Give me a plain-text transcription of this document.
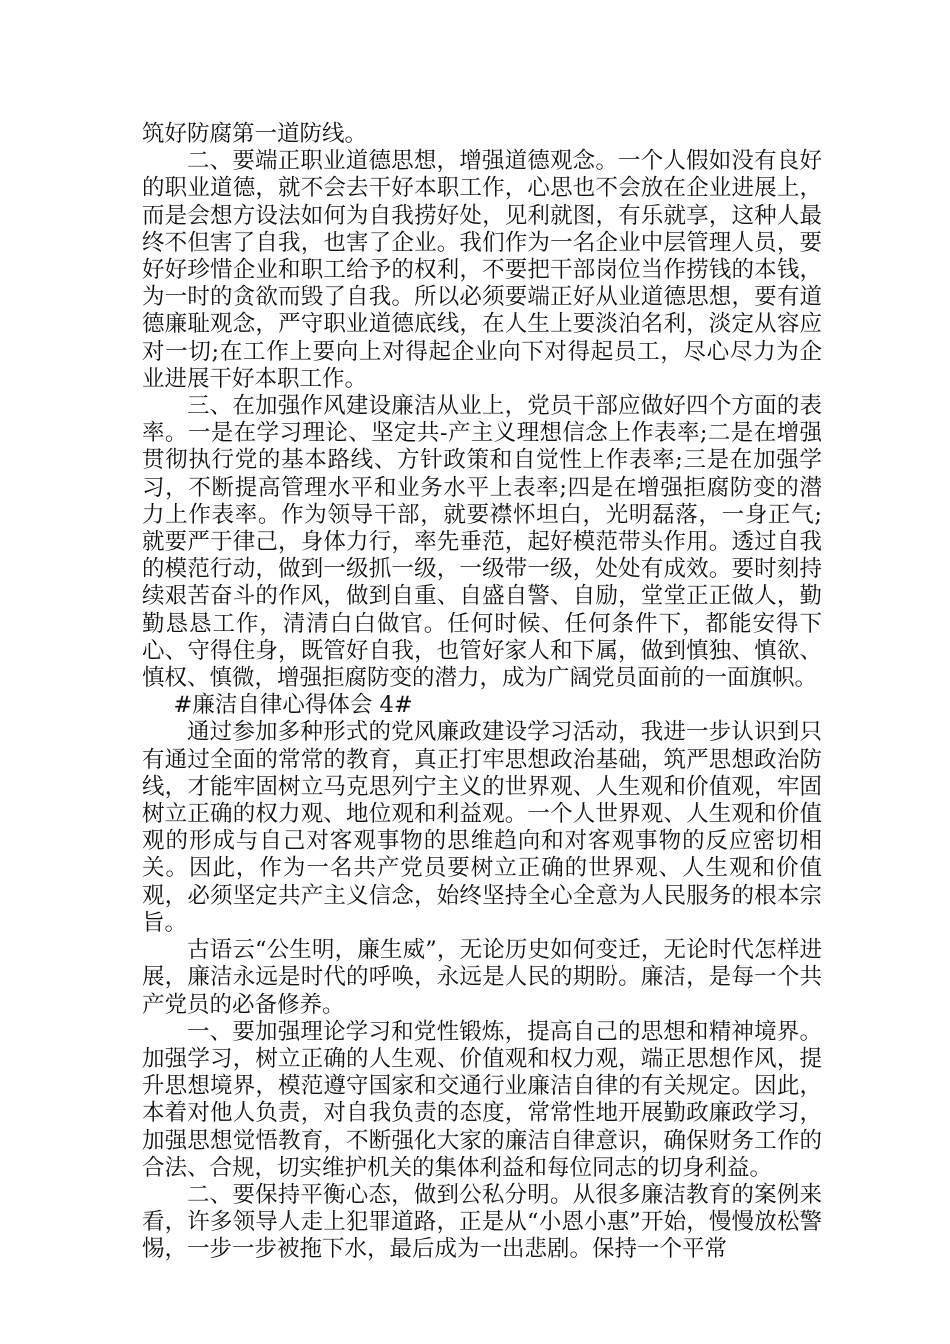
筑好防腐第一道防线。

二、要端正职业道德思想，增强道德观念。一个人假如没有良好的职业道德，就不会去干好本职工作，心思也不会放在企业进展上，而是会想方设法如何为自我捞好处，见利就图，有乐就享，这种人最终不但害了自我，也害了企业。我们作为一名企业中层管理人员，要好好珍惜企业和职工给予的权利，不要把干部岗位当作捞钱的本钱，为一时的贪欲而毁了自我。所以必须要端正好从业道德思想，要有道德廉耻观念，严守职业道德底线，在人生上要淡泊名利，淡定从容应对一切;在工作上要向上对得起企业向下对得起员工，尽心尽力为企业进展干好本职工作。

三、在加强作风建设廉洁从业上，党员干部应做好四个方面的表率。一是在学习理论、坚定共-产主义理想信念上作表率;二是在增强贯彻执行党的基本路线、方针政策和自觉性上作表率;三是在加强学习，不断提高管理水平和业务水平上表率;四是在增强拒腐防变的潜力上作表率。作为领导干部，就要襟怀坦白，光明磊落，一身正气;就要严于律己，身体力行，率先垂范，起好模范带头作用。透过自我的模范行动，做到一级抓一级，一级带一级，处处有成效。要时刻持续艰苦奋斗的作风，做到自重、自盛自警、自励，堂堂正正做人，勤勤恳恳工作，清清白白做官。任何时候、任何条件下，都能安得下心、守得住身，既管好自我，也管好家人和下属，做到慎独、慎欲、慎权、慎微，增强拒腐防变的潜力，成为广阔党员面前的一面旗帜。

#廉洁自律心得体会 4#

通过参加多种形式的党风廉政建设学习活动，我进一步认识到只有通过全面的常常的教育，真正打牢思想政治基础，筑严思想政治防线，才能牢固树立马克思列宁主义的世界观、人生观和价值观，牢固树立正确的权力观、地位观和利益观。一个人世界观、人生观和价值观的形成与自己对客观事物的思维趋向和对客观事物的反应密切相关。因此，作为一名共产党员要树立正确的世界观、人生观和价值观，必须坚定共产主义信念，始终坚持全心全意为人民服务的根本宗旨。

古语云“公生明，廉生威”，无论历史如何变迁，无论时代怎样进展，廉洁永远是时代的呼唤，永远是人民的期盼。廉洁，是每一个共产党员的必备修养。

一、要加强理论学习和党性锻炼，提高自己的思想和精神境界。加强学习，树立正确的人生观、价值观和权力观，端正思想作风，提升思想境界，模范遵守国家和交通行业廉洁自律的有关规定。因此，本着对他人负责，对自我负责的态度，常常性地开展勤政廉政学习，加强思想觉悟教育，不断强化大家的廉洁自律意识，确保财务工作的合法、合规，切实维护机关的集体利益和每位同志的切身利益。

二、要保持平衡心态，做到公私分明。从很多廉洁教育的案例来看，许多领导人走上犯罪道路，正是从“小恩小惠”开始，慢慢放松警惕，一步一步被拖下水，最后成为一出悲剧。保持一个平常
